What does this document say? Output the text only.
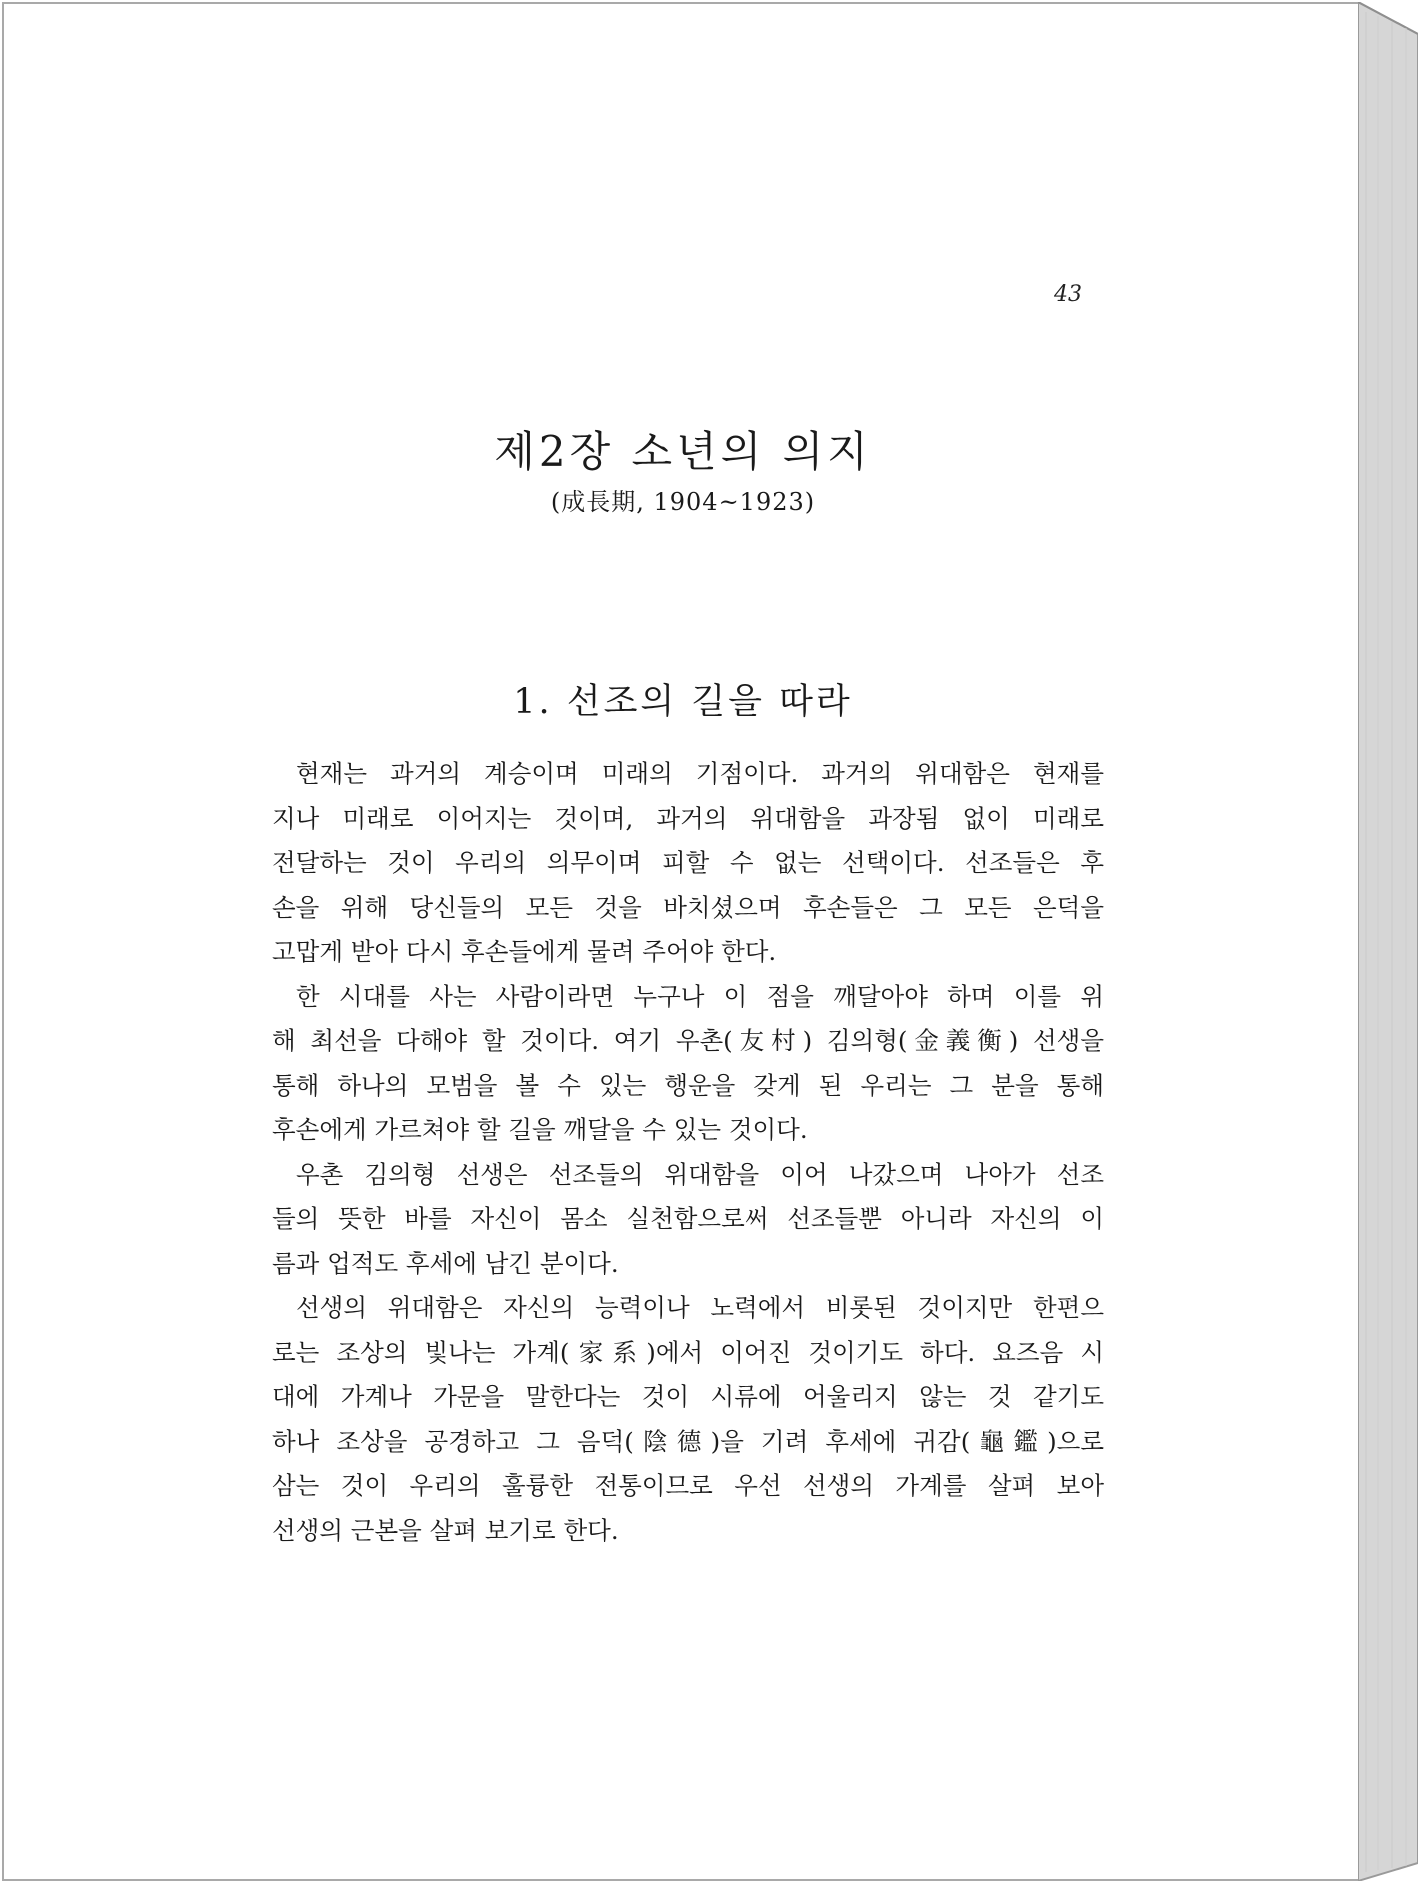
43
제2장 소년의 의지
(成長期, 1904~1923)
1. 선조의 길을 따라
현재는 과거의 계승이며 미래의 기점이다. 과거의 위대함은 현재를
지나 미래로 이어지는 것이며, 과거의 위대함을 과장됨 없이 미래로
전달하는 것이 우리의 의무이며 피할 수 없는 선택이다. 선조들은 후
손을 위해 당신들의 모든 것을 바치셨으며 후손들은 그 모든 은덕을
고맙게 받아 다시 후손들에게 물려 주어야 한다.
한 시대를 사는 사람이라면 누구나 이 점을 깨달아야 하며 이를 위
해 최선을 다해야 할 것이다. 여기 우촌(友村) 김의형(金義衡) 선생을
통해 하나의 모범을 볼 수 있는 행운을 갖게 된 우리는 그 분을 통해
후손에게 가르쳐야 할 길을 깨달을 수 있는 것이다.
우촌 김의형 선생은 선조들의 위대함을 이어 나갔으며 나아가 선조
들의 뜻한 바를 자신이 몸소 실천함으로써 선조들뿐 아니라 자신의 이
름과 업적도 후세에 남긴 분이다.
선생의 위대함은 자신의 능력이나 노력에서 비롯된 것이지만 한편으
로는 조상의 빛나는 가계(家系)에서 이어진 것이기도 하다. 요즈음 시
대에 가계나 가문을 말한다는 것이 시류에 어울리지 않는 것 같기도
하나 조상을 공경하고 그 음덕(陰德)을 기려 후세에 귀감(龜鑑)으로
삼는 것이 우리의 훌륭한 전통이므로 우선 선생의 가계를 살펴 보아
선생의 근본을 살펴 보기로 한다.
